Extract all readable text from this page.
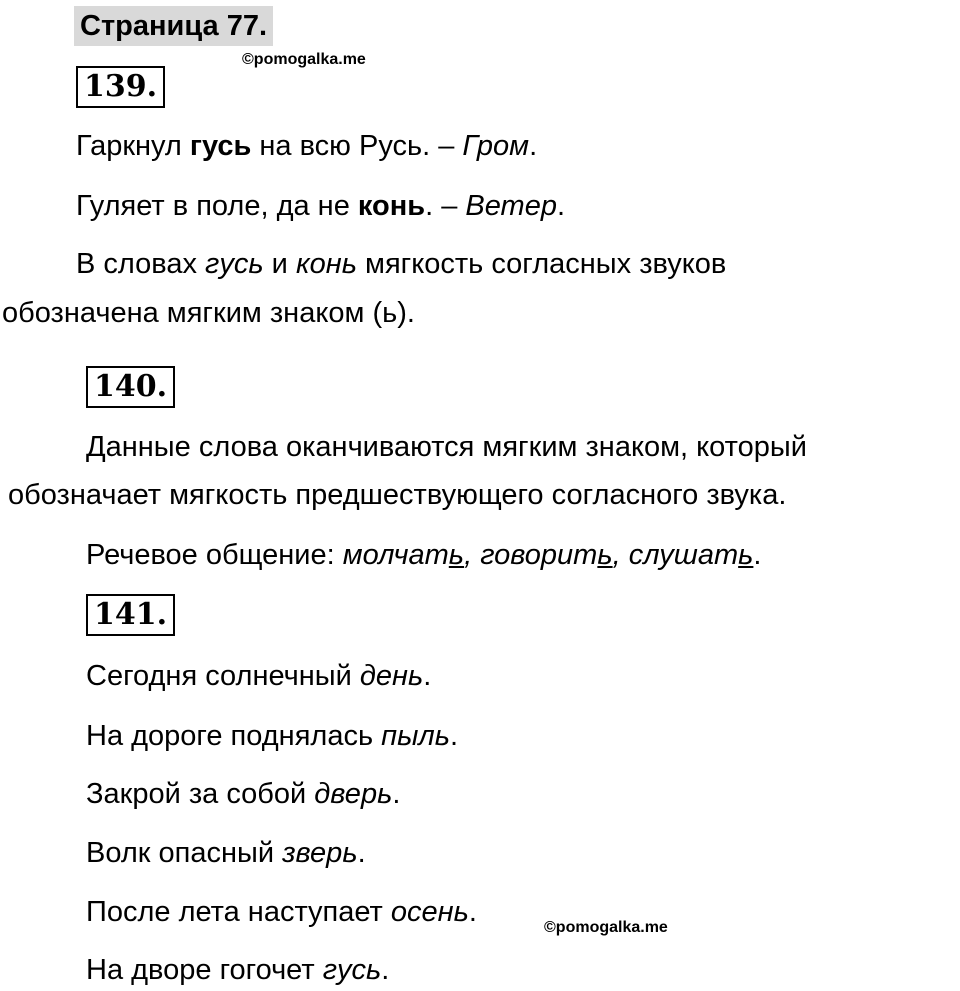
Страница 77.
©pomogalka.me
139.
Гаркнул гусь на всю Русь. – Гром.
Гуляет в поле, да не конь. – Ветер.
В словах гусь и конь мягкость согласных звуков
обозначена мягким знаком (ь).
140.
Данные слова оканчиваются мягким знаком, который
обозначает мягкость предшествующего согласного звука.
Речевое общение: молчать, говорить, слушать.
141.
Сегодня солнечный день.
На дороге поднялась пыль.
Закрой за собой дверь.
Волк опасный зверь.
После лета наступает осень.	©pomogalka.me
На дворе гогочет гусь.
